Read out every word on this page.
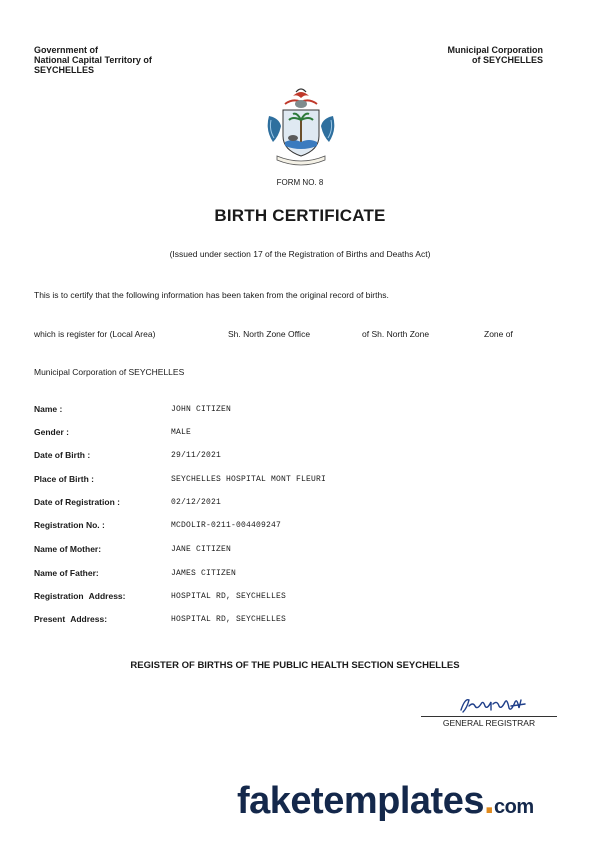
Government of
National Capital Territory of
SEYCHELLES
Municipal Corporation
of SEYCHELLES
FORM NO. 8
BIRTH CERTIFICATE
(Issued under section 17 of the Registration of Births and Deaths Act)
This is to certify that the following information has been taken from the original record of births.
which is register for (Local Area)	Sh. North Zone Office	of Sh. North Zone	Zone of
Municipal Corporation of SEYCHELLES
Name :	JOHN CITIZEN
Gender :	MALE
Date of Birth :	29/11/2021
Place of Birth :	SEYCHELLES HOSPITAL MONT FLEURI
Date of Registration :	02/12/2021
Registration No. :	MCDOLIR-0211-004409247
Name of Mother:	JANE CITIZEN
Name of Father:	JAMES CITIZEN
Registration Address:	HOSPITAL RD, SEYCHELLES
Present Address:	HOSPITAL RD, SEYCHELLES
REGISTER OF BIRTHS OF THE PUBLIC HEALTH SECTION SEYCHELLES
GENERAL REGISTRAR
faketemplates.com
